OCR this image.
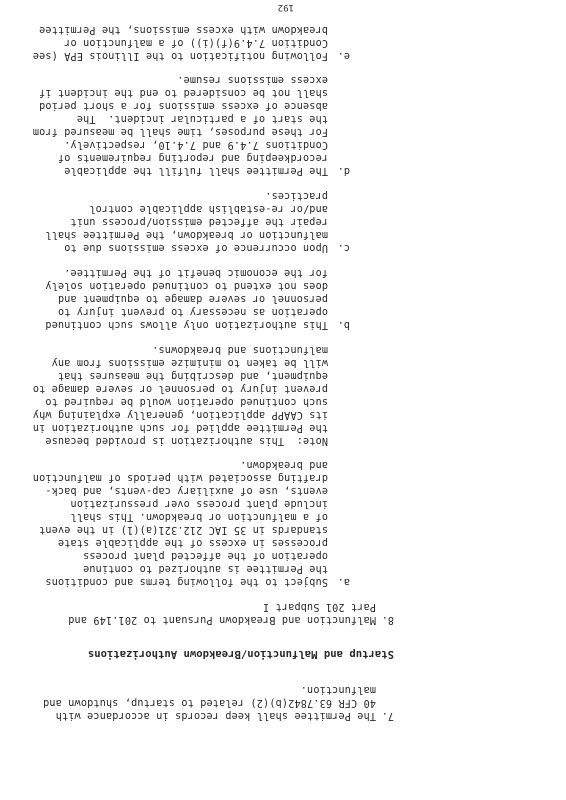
7.
The Permittee shall keep records in accordance with
40 CFR 63.7842(b)(2) related to startup, shutdown and
malfunction.
Startup and Malfunction/Breakdown Authorizations
8.
Malfunction and Breakdown Pursuant to 201.149 and
Part 201 Subpart I
a.
Subject to the following terms and conditions
the Permittee is authorized to continue
operation of the affected plant process
processes in excess of the applicable state
standards in 35 IAC 212.321(a)(1) in the event
of a malfunction or breakdown. This shall
include plant process over pressurization
events, use of auxiliary cap-vents, and back-
drafting associated with periods of malfunction
and breakdown.
Note:  This authorization is provided because
the Permittee applied for such authorization in
its CAAPP application, generally explaining why
such continued operation would be required to
prevent injury to personnel or severe damage to
equipment, and describing the measures that
will be taken to minimize emissions from any
malfunctions and breakdowns.
b.
This authorization only allows such continued
operation as necessary to prevent injury to
personnel or severe damage to equipment and
does not extend to continued operation solely
for the economic benefit of the Permittee.
c.
Upon occurrence of excess emissions due to
malfunction or breakdown, the Permittee shall
repair the affected emission/process unit
and/or re-establish applicable control
practices.
d.
The Permittee shall fulfill the applicable
recordkeeping and reporting requirements of
Conditions 7.4.9 and 7.4.10, respectively.
For these purposes, time shall be measured from
the start of a particular incident.  The
absence of excess emissions for a short period
shall not be considered to end the incident if
excess emissions resume.
e.
Following notification to the Illinois EPA (see
Condition 7.4.9(f)(i)) of a malfunction or
breakdown with excess emissions, the Permittee
192
